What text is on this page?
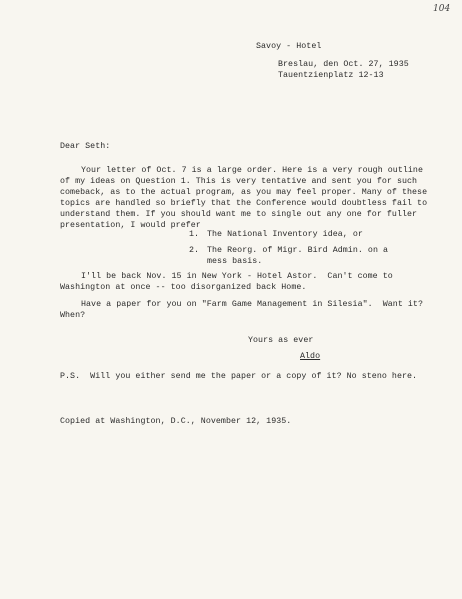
104
Savoy - Hotel
Breslau, den Oct. 27, 1935
Tauentzienplatz 12-13
Dear Seth:
Your letter of Oct. 7 is a large order. Here is a very rough outline
of my ideas on Question 1. This is very tentative and sent you for such
comeback, as to the actual program, as you may feel proper. Many of these
topics are handled so briefly that the Conference would doubtless fail to
understand them. If you should want me to single out any one for fuller
presentation, I would prefer
1. The National Inventory idea, or
2. The Reorg. of Migr. Bird Admin. on a
mess basis.
I'll be back Nov. 15 in New York - Hotel Astor.  Can't come to
Washington at once -- too disorganized back Home.
Have a paper for you on "Farm Game Management in Silesia".  Want it?
When?
Yours as ever
Aldo
P.S.  Will you either send me the paper or a copy of it? No steno here.
Copied at Washington, D.C., November 12, 1935.
